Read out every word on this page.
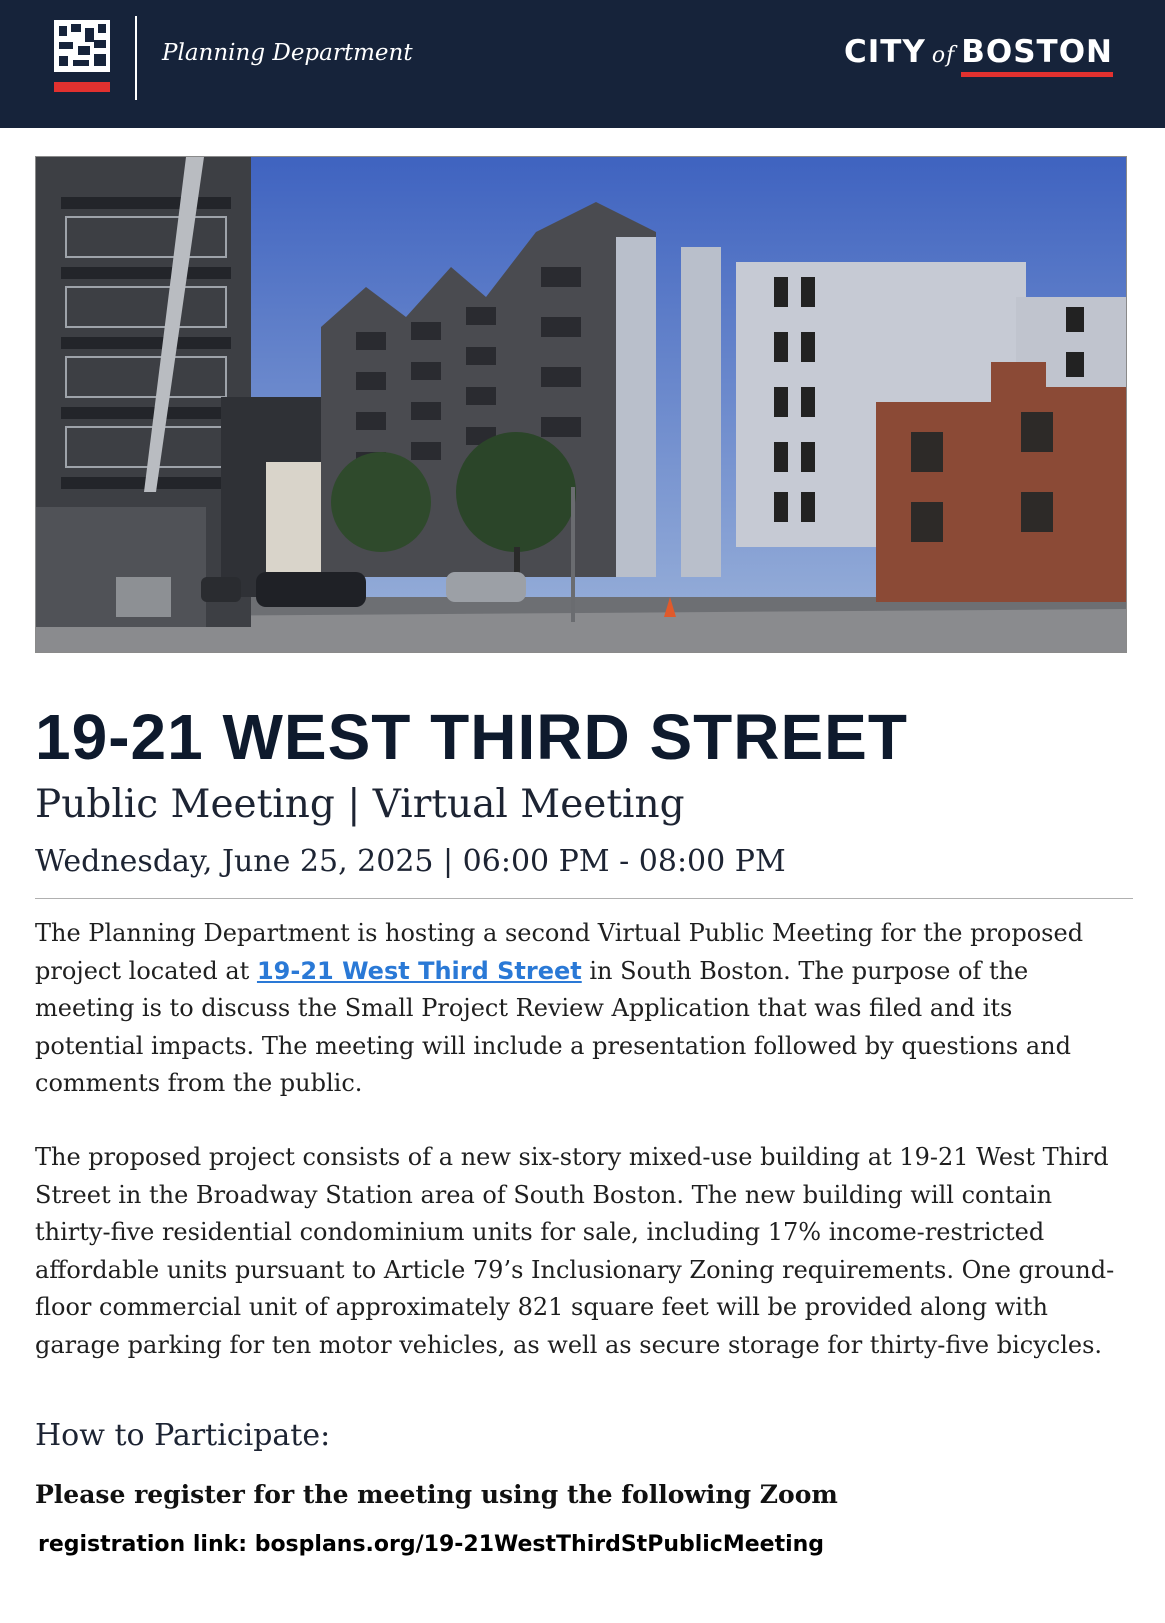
Planning Department	CITY of BOSTON
19-21 WEST THIRD STREET
Public Meeting | Virtual Meeting
Wednesday, June 25, 2025 | 06:00 PM - 08:00 PM

The Planning Department is hosting a second Virtual Public Meeting for the proposed project located at 19-21 West Third Street in South Boston. The purpose of the meeting is to discuss the Small Project Review Application that was filed and its potential impacts. The meeting will include a presentation followed by questions and comments from the public.

The proposed project consists of a new six-story mixed-use building at 19-21 West Third Street in the Broadway Station area of South Boston. The new building will contain thirty-five residential condominium units for sale, including 17% income-restricted affordable units pursuant to Article 79’s Inclusionary Zoning requirements. One ground-floor commercial unit of approximately 821 square feet will be provided along with garage parking for ten motor vehicles, as well as secure storage for thirty-five bicycles.

How to Participate:
Please register for the meeting using the following Zoom
registration link: bosplans.org/19-21WestThirdStPublicMeeting
